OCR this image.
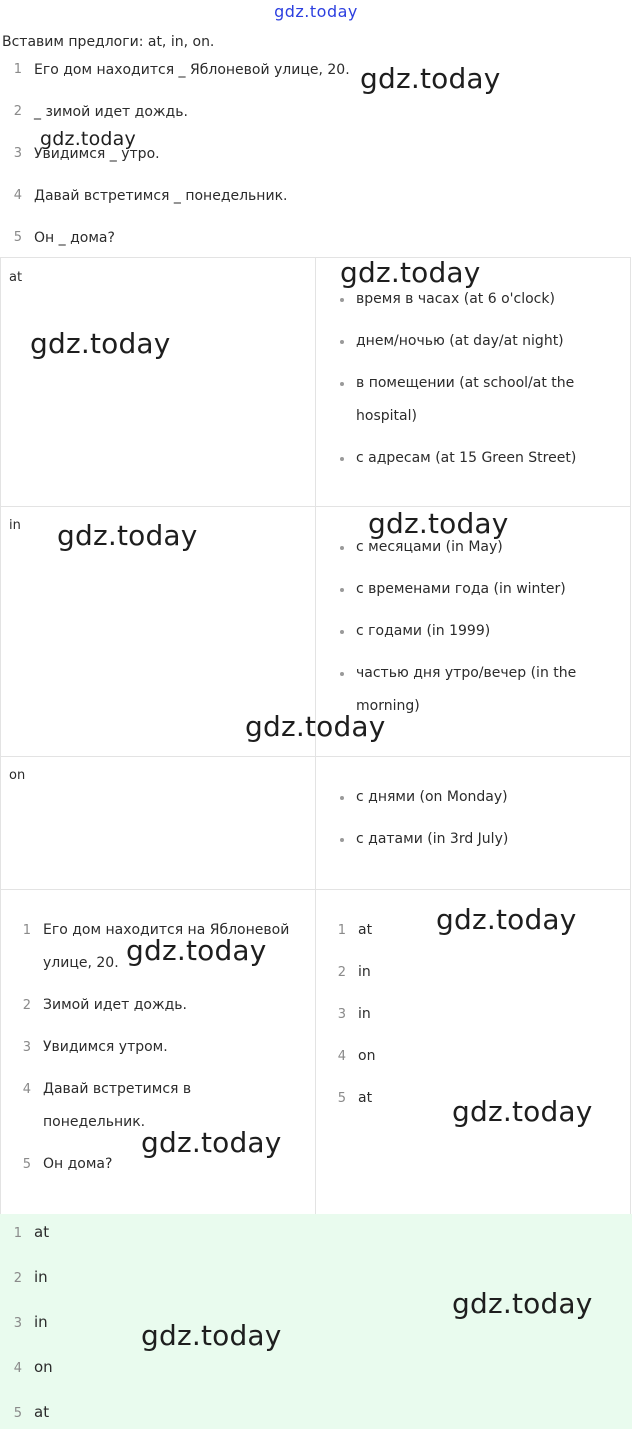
gdz.today
Вставим предлоги: at, in, on.
1 Его дом находится _ Яблоневой улице, 20.
2 _ зимой идет дождь.
3 Увидимся _ утро.
4 Давай встретимся _ понедельник.
5 Он _ дома?
at
время в часах (at 6 o'clock)
днем/ночью (at day/at night)
в помещении (at school/at the hospital)
с адресам (at 15 Green Street)
in
с месяцами (in May)
с временами года (in winter)
с годами (in 1999)
частью дня утро/вечер (in the morning)
on
с днями (on Monday)
с датами (in 3rd July)
1 Его дом находится на Яблоневой улице, 20.
2 Зимой идет дождь.
3 Увидимся утром.
4 Давай встретимся в понедельник.
5 Он дома?
1 at
2 in
3 in
4 on
5 at
1 at
2 in
3 in
4 on
5 at
gdz.today
gdz.today
gdz.today
gdz.today
gdz.today
gdz.today
gdz.today
gdz.today
gdz.today
gdz.today
gdz.today
gdz.today
gdz.today
